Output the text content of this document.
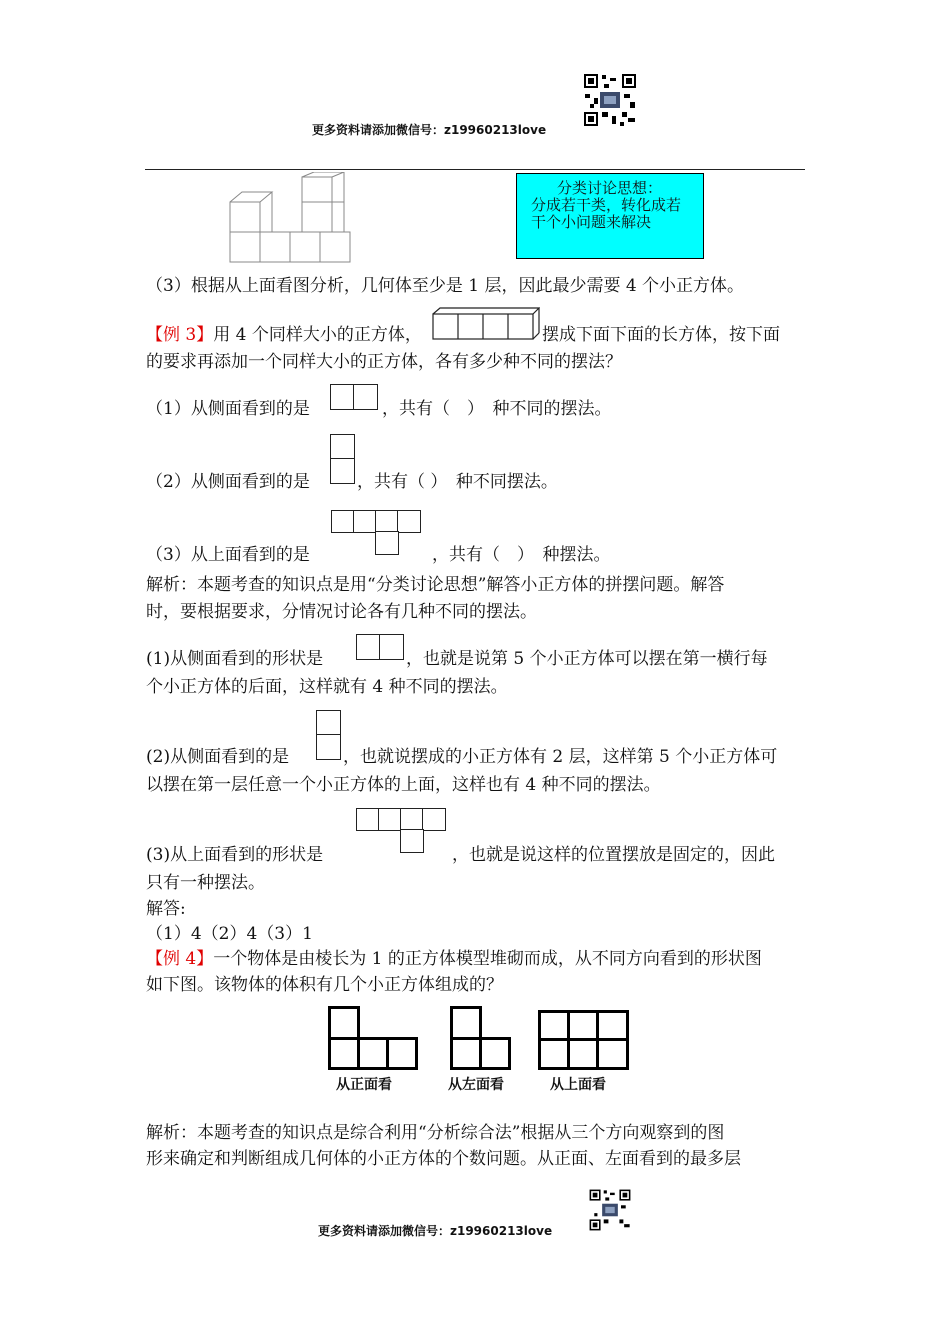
更多资料请添加微信号：z19960213love
分类讨论思想：
分成若干类，转化成若
干个小问题来解决
（3）根据从上面看图分析，几何体至少是 1 层，因此最少需要 4 个小正方体。
【例 3】用 4 个同样大小的正方体，	摆成下面下面的长方体，按下面
的要求再添加一个同样大小的正方体，各有多少种不同的摆法？
（1）从侧面看到的是	，共有（　）　种不同的摆法。
（2）从侧面看到的是	，共有（ ）　种不同摆法。
（3）从上面看到的是	，共有（　）　种摆法。
解析：本题考查的知识点是用“分类讨论思想”解答小正方体的拼摆问题。解答
时，要根据要求，分情况讨论各有几种不同的摆法。
(1)从侧面看到的形状是	，也就是说第 5 个小正方体可以摆在第一横行每
个小正方体的后面，这样就有 4 种不同的摆法。
(2)从侧面看到的是	，也就说摆成的小正方体有 2 层，这样第 5 个小正方体可
以摆在第一层任意一个小正方体的上面，这样也有 4 种不同的摆法。
(3)从上面看到的形状是	，也就是说这样的位置摆放是固定的，因此
只有一种摆法。
解答:
（1）4（2）4（3）1
【例 4】一个物体是由棱长为 1 的正方体模型堆砌而成，从不同方向看到的形状图
如下图。该物体的体积有几个小正方体组成的？
从正面看	从左面看	从上面看
解析：本题考查的知识点是综合利用“分析综合法”根据从三个方向观察到的图
形来确定和判断组成几何体的小正方体的个数问题。从正面、左面看到的最多层
更多资料请添加微信号：z19960213love
